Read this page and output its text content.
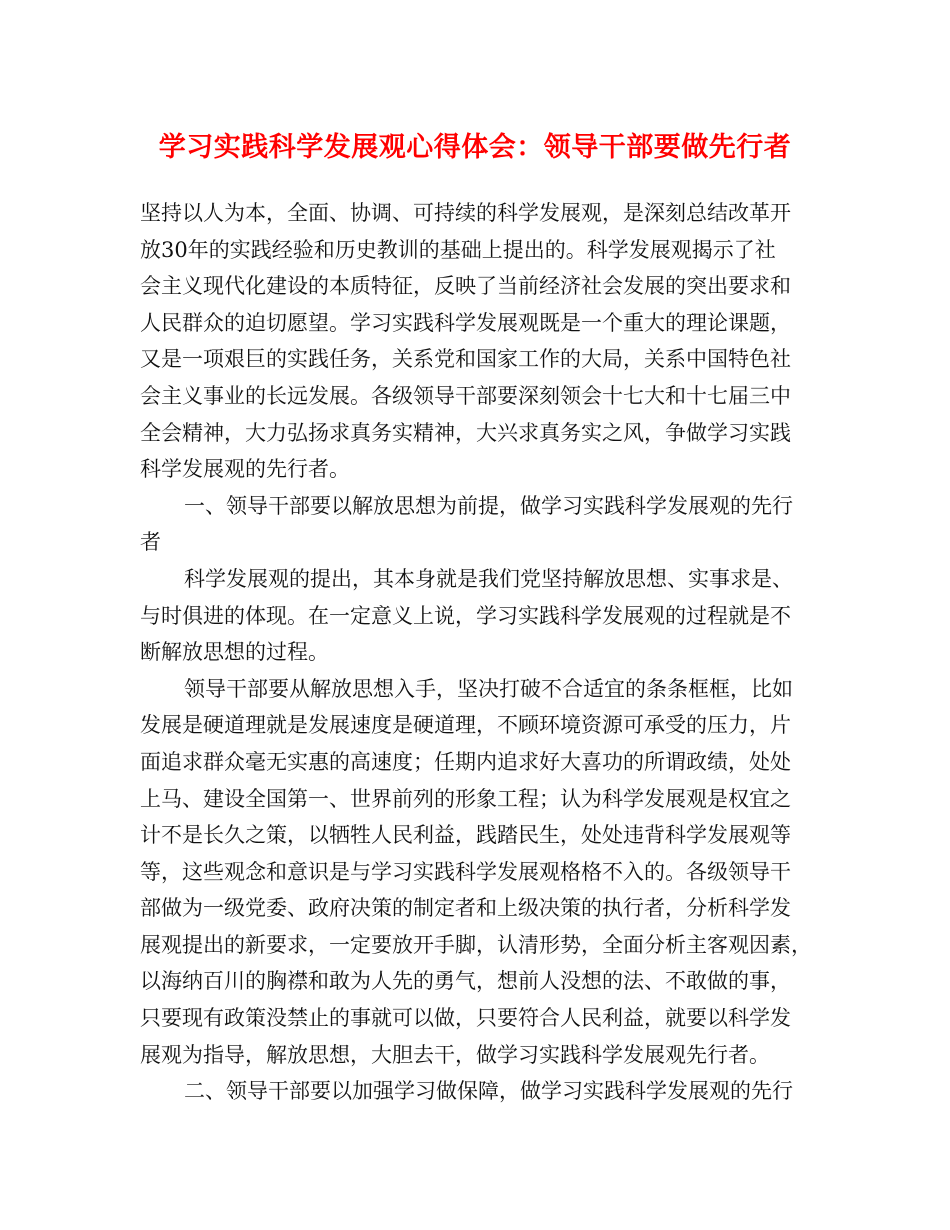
学习实践科学发展观心得体会：领导干部要做先行者
坚持以人为本，全面、协调、可持续的科学发展观，是深刻总结改革开
放30年的实践经验和历史教训的基础上提出的。科学发展观揭示了社
会主义现代化建设的本质特征，反映了当前经济社会发展的突出要求和
人民群众的迫切愿望。学习实践科学发展观既是一个重大的理论课题，
又是一项艰巨的实践任务，关系党和国家工作的大局，关系中国特色社
会主义事业的长远发展。各级领导干部要深刻领会十七大和十七届三中
全会精神，大力弘扬求真务实精神，大兴求真务实之风，争做学习实践
科学发展观的先行者。
一、领导干部要以解放思想为前提，做学习实践科学发展观的先行
者
科学发展观的提出，其本身就是我们党坚持解放思想、实事求是、
与时俱进的体现。在一定意义上说，学习实践科学发展观的过程就是不
断解放思想的过程。
领导干部要从解放思想入手，坚决打破不合适宜的条条框框，比如
发展是硬道理就是发展速度是硬道理，不顾环境资源可承受的压力，片
面追求群众毫无实惠的高速度；任期内追求好大喜功的所谓政绩，处处
上马、建设全国第一、世界前列的形象工程；认为科学发展观是权宜之
计不是长久之策，以牺牲人民利益，践踏民生，处处违背科学发展观等
等，这些观念和意识是与学习实践科学发展观格格不入的。各级领导干
部做为一级党委、政府决策的制定者和上级决策的执行者，分析科学发
展观提出的新要求，一定要放开手脚，认清形势，全面分析主客观因素，
以海纳百川的胸襟和敢为人先的勇气，想前人没想的法、不敢做的事，
只要现有政策没禁止的事就可以做，只要符合人民利益，就要以科学发
展观为指导，解放思想，大胆去干，做学习实践科学发展观先行者。
二、领导干部要以加强学习做保障，做学习实践科学发展观的先行
